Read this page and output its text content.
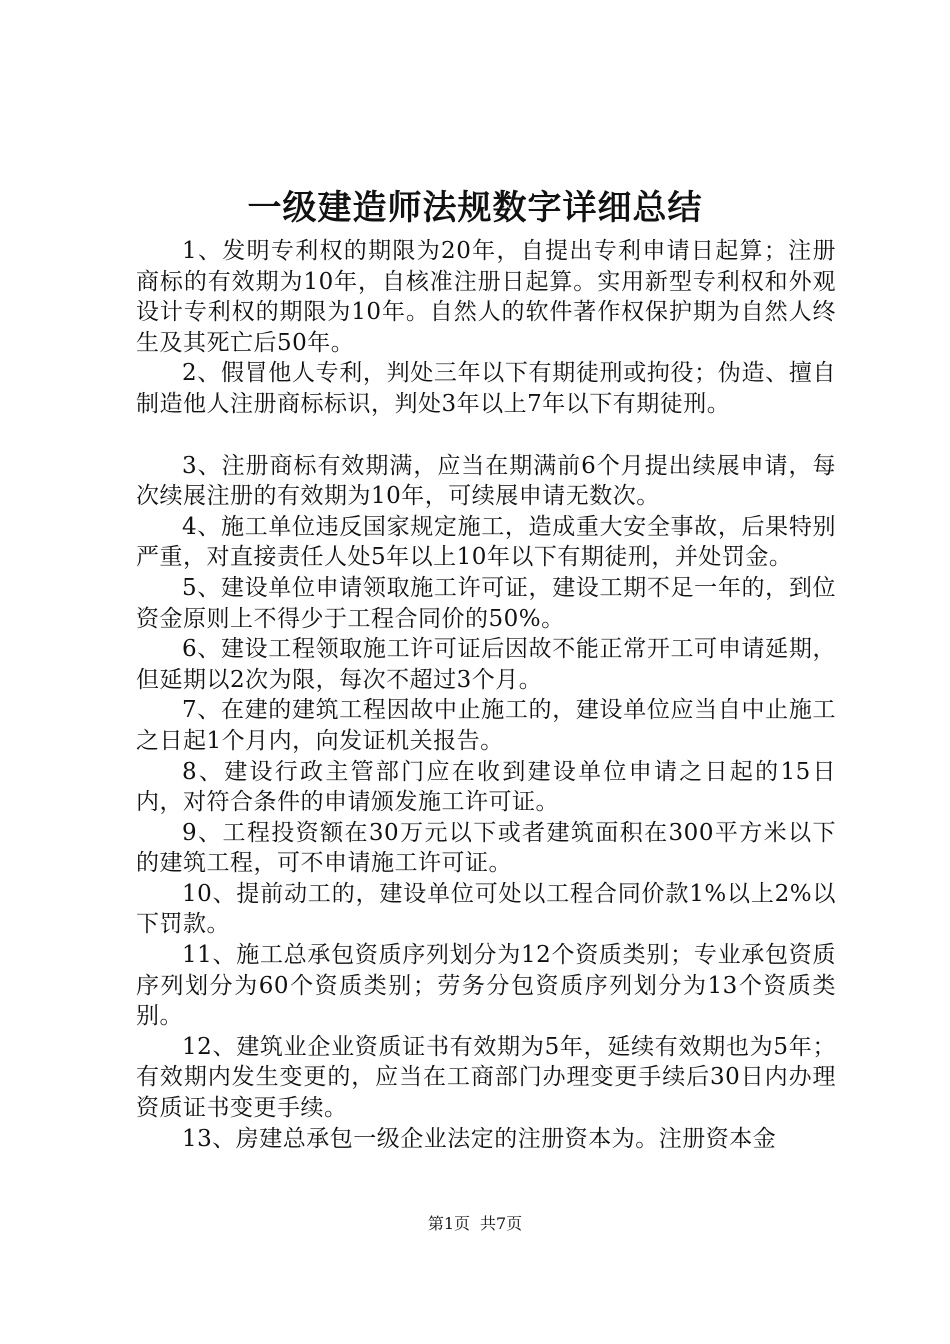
一级建造师法规数字详细总结

1、发明专利权的期限为20年，自提出专利申请日起算；注册商标的有效期为10年，自核准注册日起算。实用新型专利权和外观设计专利权的期限为10年。自然人的软件著作权保护期为自然人终生及其死亡后50年。

2、假冒他人专利，判处三年以下有期徒刑或拘役；伪造、擅自制造他人注册商标标识，判处3年以上7年以下有期徒刑。

3、注册商标有效期满，应当在期满前6个月提出续展申请，每次续展注册的有效期为10年，可续展申请无数次。

4、施工单位违反国家规定施工，造成重大安全事故，后果特别严重，对直接责任人处5年以上10年以下有期徒刑，并处罚金。

5、建设单位申请领取施工许可证，建设工期不足一年的，到位资金原则上不得少于工程合同价的50%。

6、建设工程领取施工许可证后因故不能正常开工可申请延期，但延期以2次为限，每次不超过3个月。

7、在建的建筑工程因故中止施工的，建设单位应当自中止施工之日起1个月内，向发证机关报告。

8、建设行政主管部门应在收到建设单位申请之日起的15日内，对符合条件的申请颁发施工许可证。

9、工程投资额在30万元以下或者建筑面积在300平方米以下的建筑工程，可不申请施工许可证。

10、提前动工的，建设单位可处以工程合同价款1%以上2%以下罚款。

11、施工总承包资质序列划分为12个资质类别；专业承包资质序列划分为60个资质类别；劳务分包资质序列划分为13个资质类别。

12、建筑业企业资质证书有效期为5年，延续有效期也为5年；有效期内发生变更的，应当在工商部门办理变更手续后30日内办理资质证书变更手续。

13、房建总承包一级企业法定的注册资本为。注册资本金

第1页 共7页
